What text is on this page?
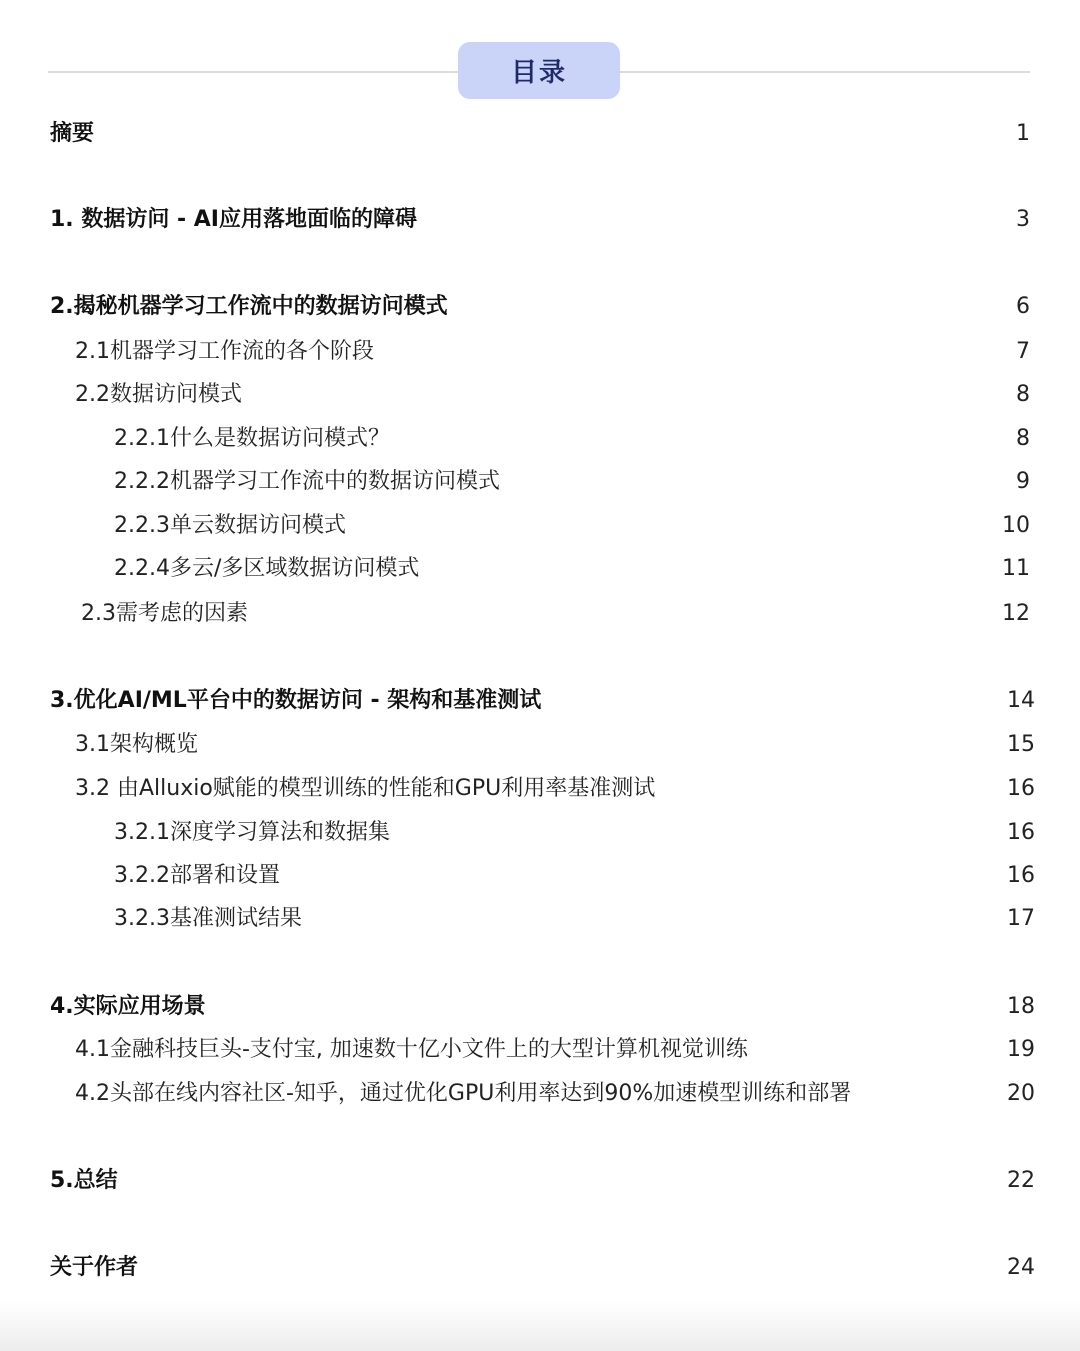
目录
摘要	1
1. 数据访问 - AI应用落地面临的障碍	3
2.揭秘机器学习工作流中的数据访问模式	6
2.1机器学习工作流的各个阶段	7
2.2数据访问模式	8
2.2.1什么是数据访问模式？	8
2.2.2机器学习工作流中的数据访问模式	9
2.2.3单云数据访问模式	10
2.2.4多云/多区域数据访问模式	11
2.3需考虑的因素	12
3.优化AI/ML平台中的数据访问 - 架构和基准测试	14
3.1架构概览	15
3.2 由Alluxio赋能的模型训练的性能和GPU利用率基准测试	16
3.2.1深度学习算法和数据集	16
3.2.2部署和设置	16
3.2.3基准测试结果	17
4.实际应用场景	18
4.1金融科技巨头-支付宝, 加速数十亿小文件上的大型计算机视觉训练	19
4.2头部在线内容社区-知乎，通过优化GPU利用率达到90%加速模型训练和部署	20
5.总结	22
关于作者	24
